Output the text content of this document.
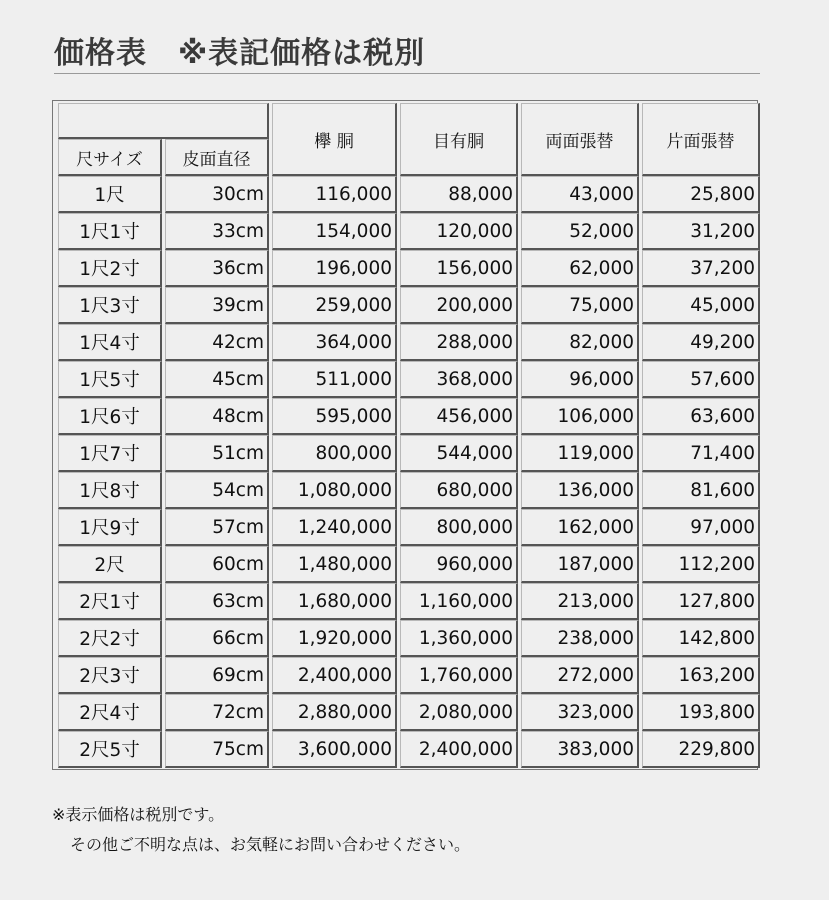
価格表　※表記価格は税別
		欅 胴	目有胴	両面張替	片面張替
尺サイズ	皮面直径				
1尺	30cm	116,000	88,000	43,000	25,800
1尺1寸	33cm	154,000	120,000	52,000	31,200
1尺2寸	36cm	196,000	156,000	62,000	37,200
1尺3寸	39cm	259,000	200,000	75,000	45,000
1尺4寸	42cm	364,000	288,000	82,000	49,200
1尺5寸	45cm	511,000	368,000	96,000	57,600
1尺6寸	48cm	595,000	456,000	106,000	63,600
1尺7寸	51cm	800,000	544,000	119,000	71,400
1尺8寸	54cm	1,080,000	680,000	136,000	81,600
1尺9寸	57cm	1,240,000	800,000	162,000	97,000
2尺	60cm	1,480,000	960,000	187,000	112,200
2尺1寸	63cm	1,680,000	1,160,000	213,000	127,800
2尺2寸	66cm	1,920,000	1,360,000	238,000	142,800
2尺3寸	69cm	2,400,000	1,760,000	272,000	163,200
2尺4寸	72cm	2,880,000	2,080,000	323,000	193,800
2尺5寸	75cm	3,600,000	2,400,000	383,000	229,800
※表示価格は税別です。
その他ご不明な点は、お気軽にお問い合わせください。
